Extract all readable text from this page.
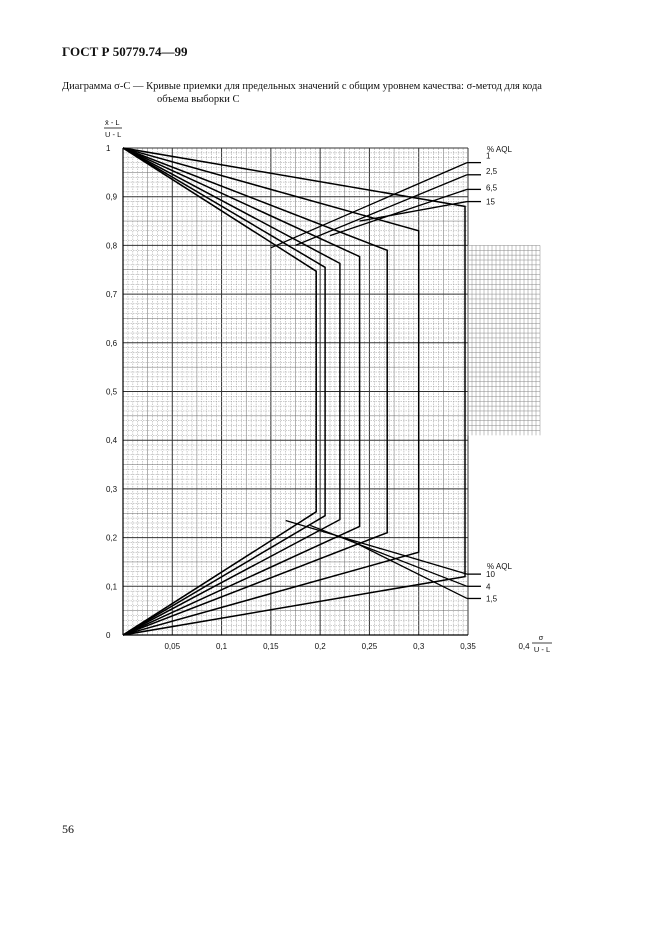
ГОСТ Р 50779.74—99
Диаграмма σ-C — Кривые приемки для предельных значений с общим уровнем качества: σ-метод для кода
объема выборки C
0
0,1
0,2
0,3
0,4
0,5
0,6
0,7
0,8
0,9
1
0,05	0,1	0,15	0,2	0,25	0,3	0,35	0,4
x̄ - L
U - L
σ
U - L
% AQL
1
2,5
6,5
15
% AQL
10
4
1,5
56
